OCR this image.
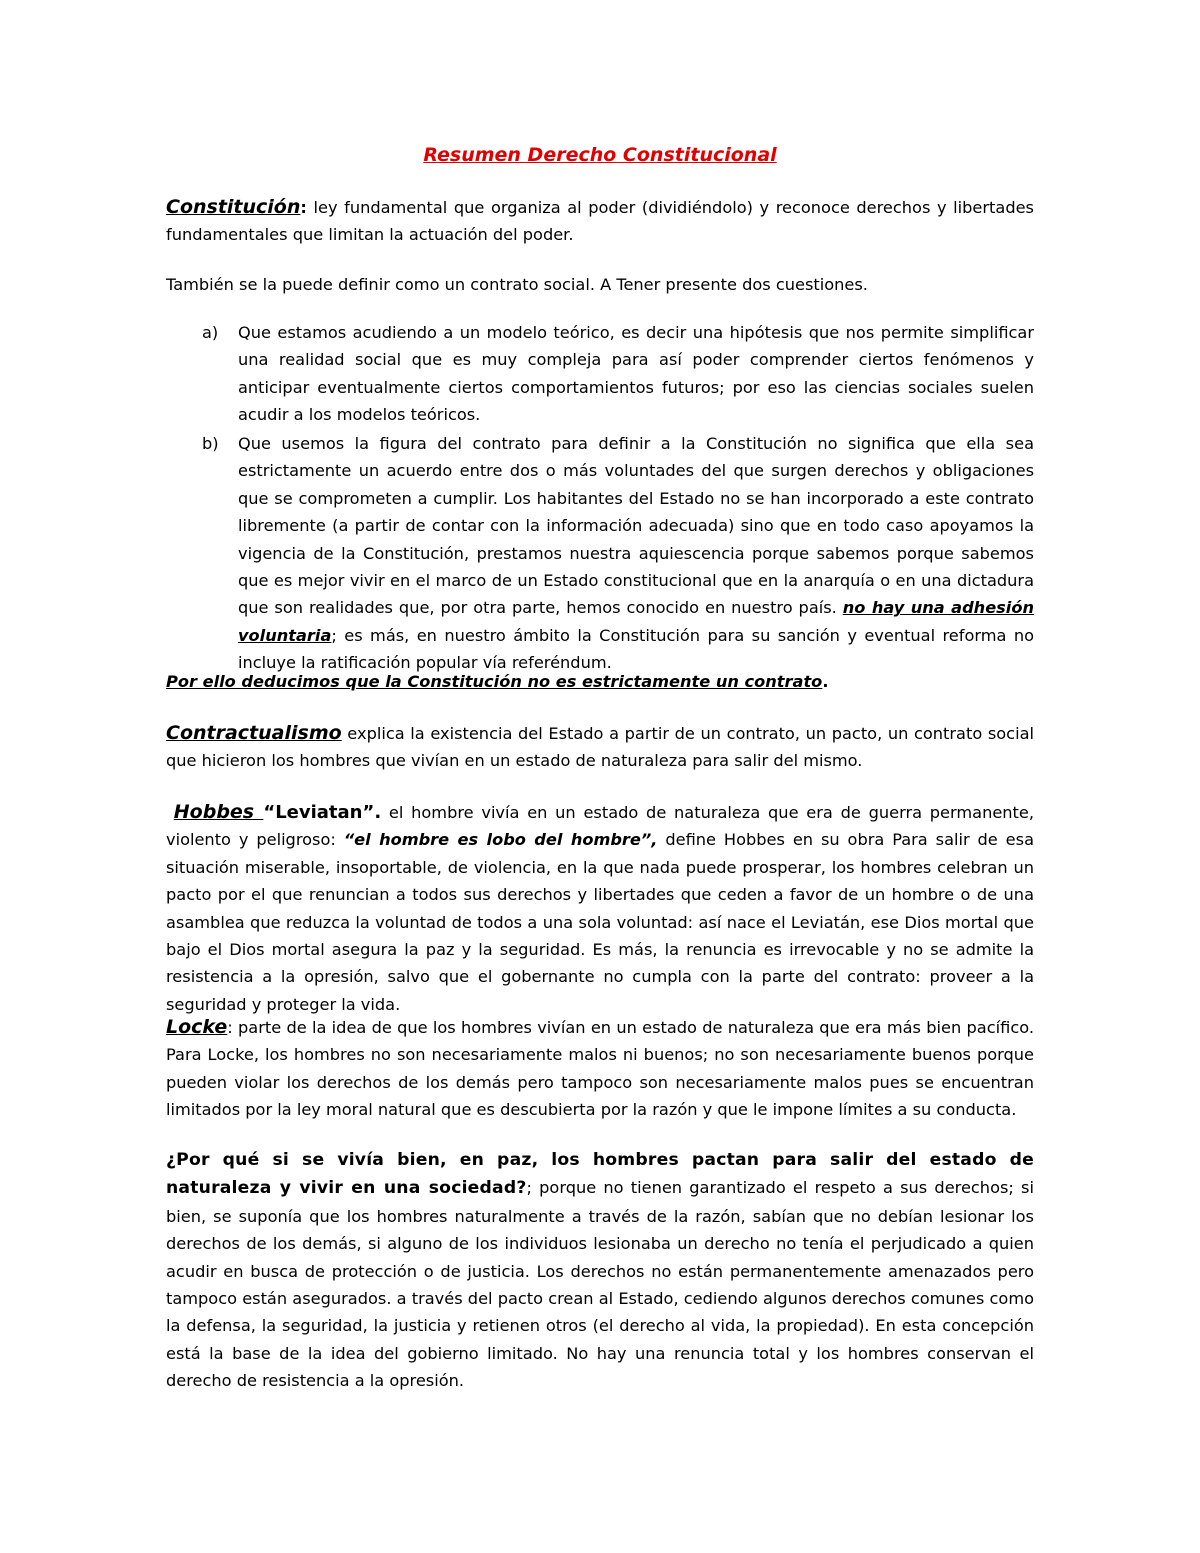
Resumen Derecho Constitucional

Constitución: ley fundamental que organiza al poder (dividiéndolo) y reconoce derechos y libertades fundamentales que limitan la actuación del poder.

También se la puede definir como un contrato social. A Tener presente dos cuestiones.

a) Que estamos acudiendo a un modelo teórico, es decir una hipótesis que nos permite simplificar una realidad social que es muy compleja para así poder comprender ciertos fenómenos y anticipar eventualmente ciertos comportamientos futuros; por eso las ciencias sociales suelen acudir a los modelos teóricos.
b) Que usemos la figura del contrato para definir a la Constitución no significa que ella sea estrictamente un acuerdo entre dos o más voluntades del que surgen derechos y obligaciones que se comprometen a cumplir. Los habitantes del Estado no se han incorporado a este contrato libremente (a partir de contar con la información adecuada) sino que en todo caso apoyamos la vigencia de la Constitución, prestamos nuestra aquiescencia porque sabemos porque sabemos que es mejor vivir en el marco de un Estado constitucional que en la anarquía o en una dictadura que son realidades que, por otra parte, hemos conocido en nuestro país. no hay una adhesión voluntaria; es más, en nuestro ámbito la Constitución para su sanción y eventual reforma no incluye la ratificación popular vía referéndum.

Por ello deducimos que la Constitución no es estrictamente un contrato.

Contractualismo explica la existencia del Estado a partir de un contrato, un pacto, un contrato social que hicieron los hombres que vivían en un estado de naturaleza para salir del mismo.

Hobbes “Leviatan”. el hombre vivía en un estado de naturaleza que era de guerra permanente, violento y peligroso: “el hombre es lobo del hombre”, define Hobbes en su obra Para salir de esa situación miserable, insoportable, de violencia, en la que nada puede prosperar, los hombres celebran un pacto por el que renuncian a todos sus derechos y libertades que ceden a favor de un hombre o de una asamblea que reduzca la voluntad de todos a una sola voluntad: así nace el Leviatán, ese Dios mortal que bajo el Dios mortal asegura la paz y la seguridad. Es más, la renuncia es irrevocable y no se admite la resistencia a la opresión, salvo que el gobernante no cumpla con la parte del contrato: proveer a la seguridad y proteger la vida.

Locke: parte de la idea de que los hombres vivían en un estado de naturaleza que era más bien pacífico. Para Locke, los hombres no son necesariamente malos ni buenos; no son necesariamente buenos porque pueden violar los derechos de los demás pero tampoco son necesariamente malos pues se encuentran limitados por la ley moral natural que es descubierta por la razón y que le impone límites a su conducta.

¿Por qué si se vivía bien, en paz, los hombres pactan para salir del estado de naturaleza y vivir en una sociedad?; porque no tienen garantizado el respeto a sus derechos; si bien, se suponía que los hombres naturalmente a través de la razón, sabían que no debían lesionar los derechos de los demás, si alguno de los individuos lesionaba un derecho no tenía el perjudicado a quien acudir en busca de protección o de justicia. Los derechos no están permanentemente amenazados pero tampoco están asegurados. a través del pacto crean al Estado, cediendo algunos derechos comunes como la defensa, la seguridad, la justicia y retienen otros (el derecho al vida, la propiedad). En esta concepción está la base de la idea del gobierno limitado. No hay una renuncia total y los hombres conservan el derecho de resistencia a la opresión.
